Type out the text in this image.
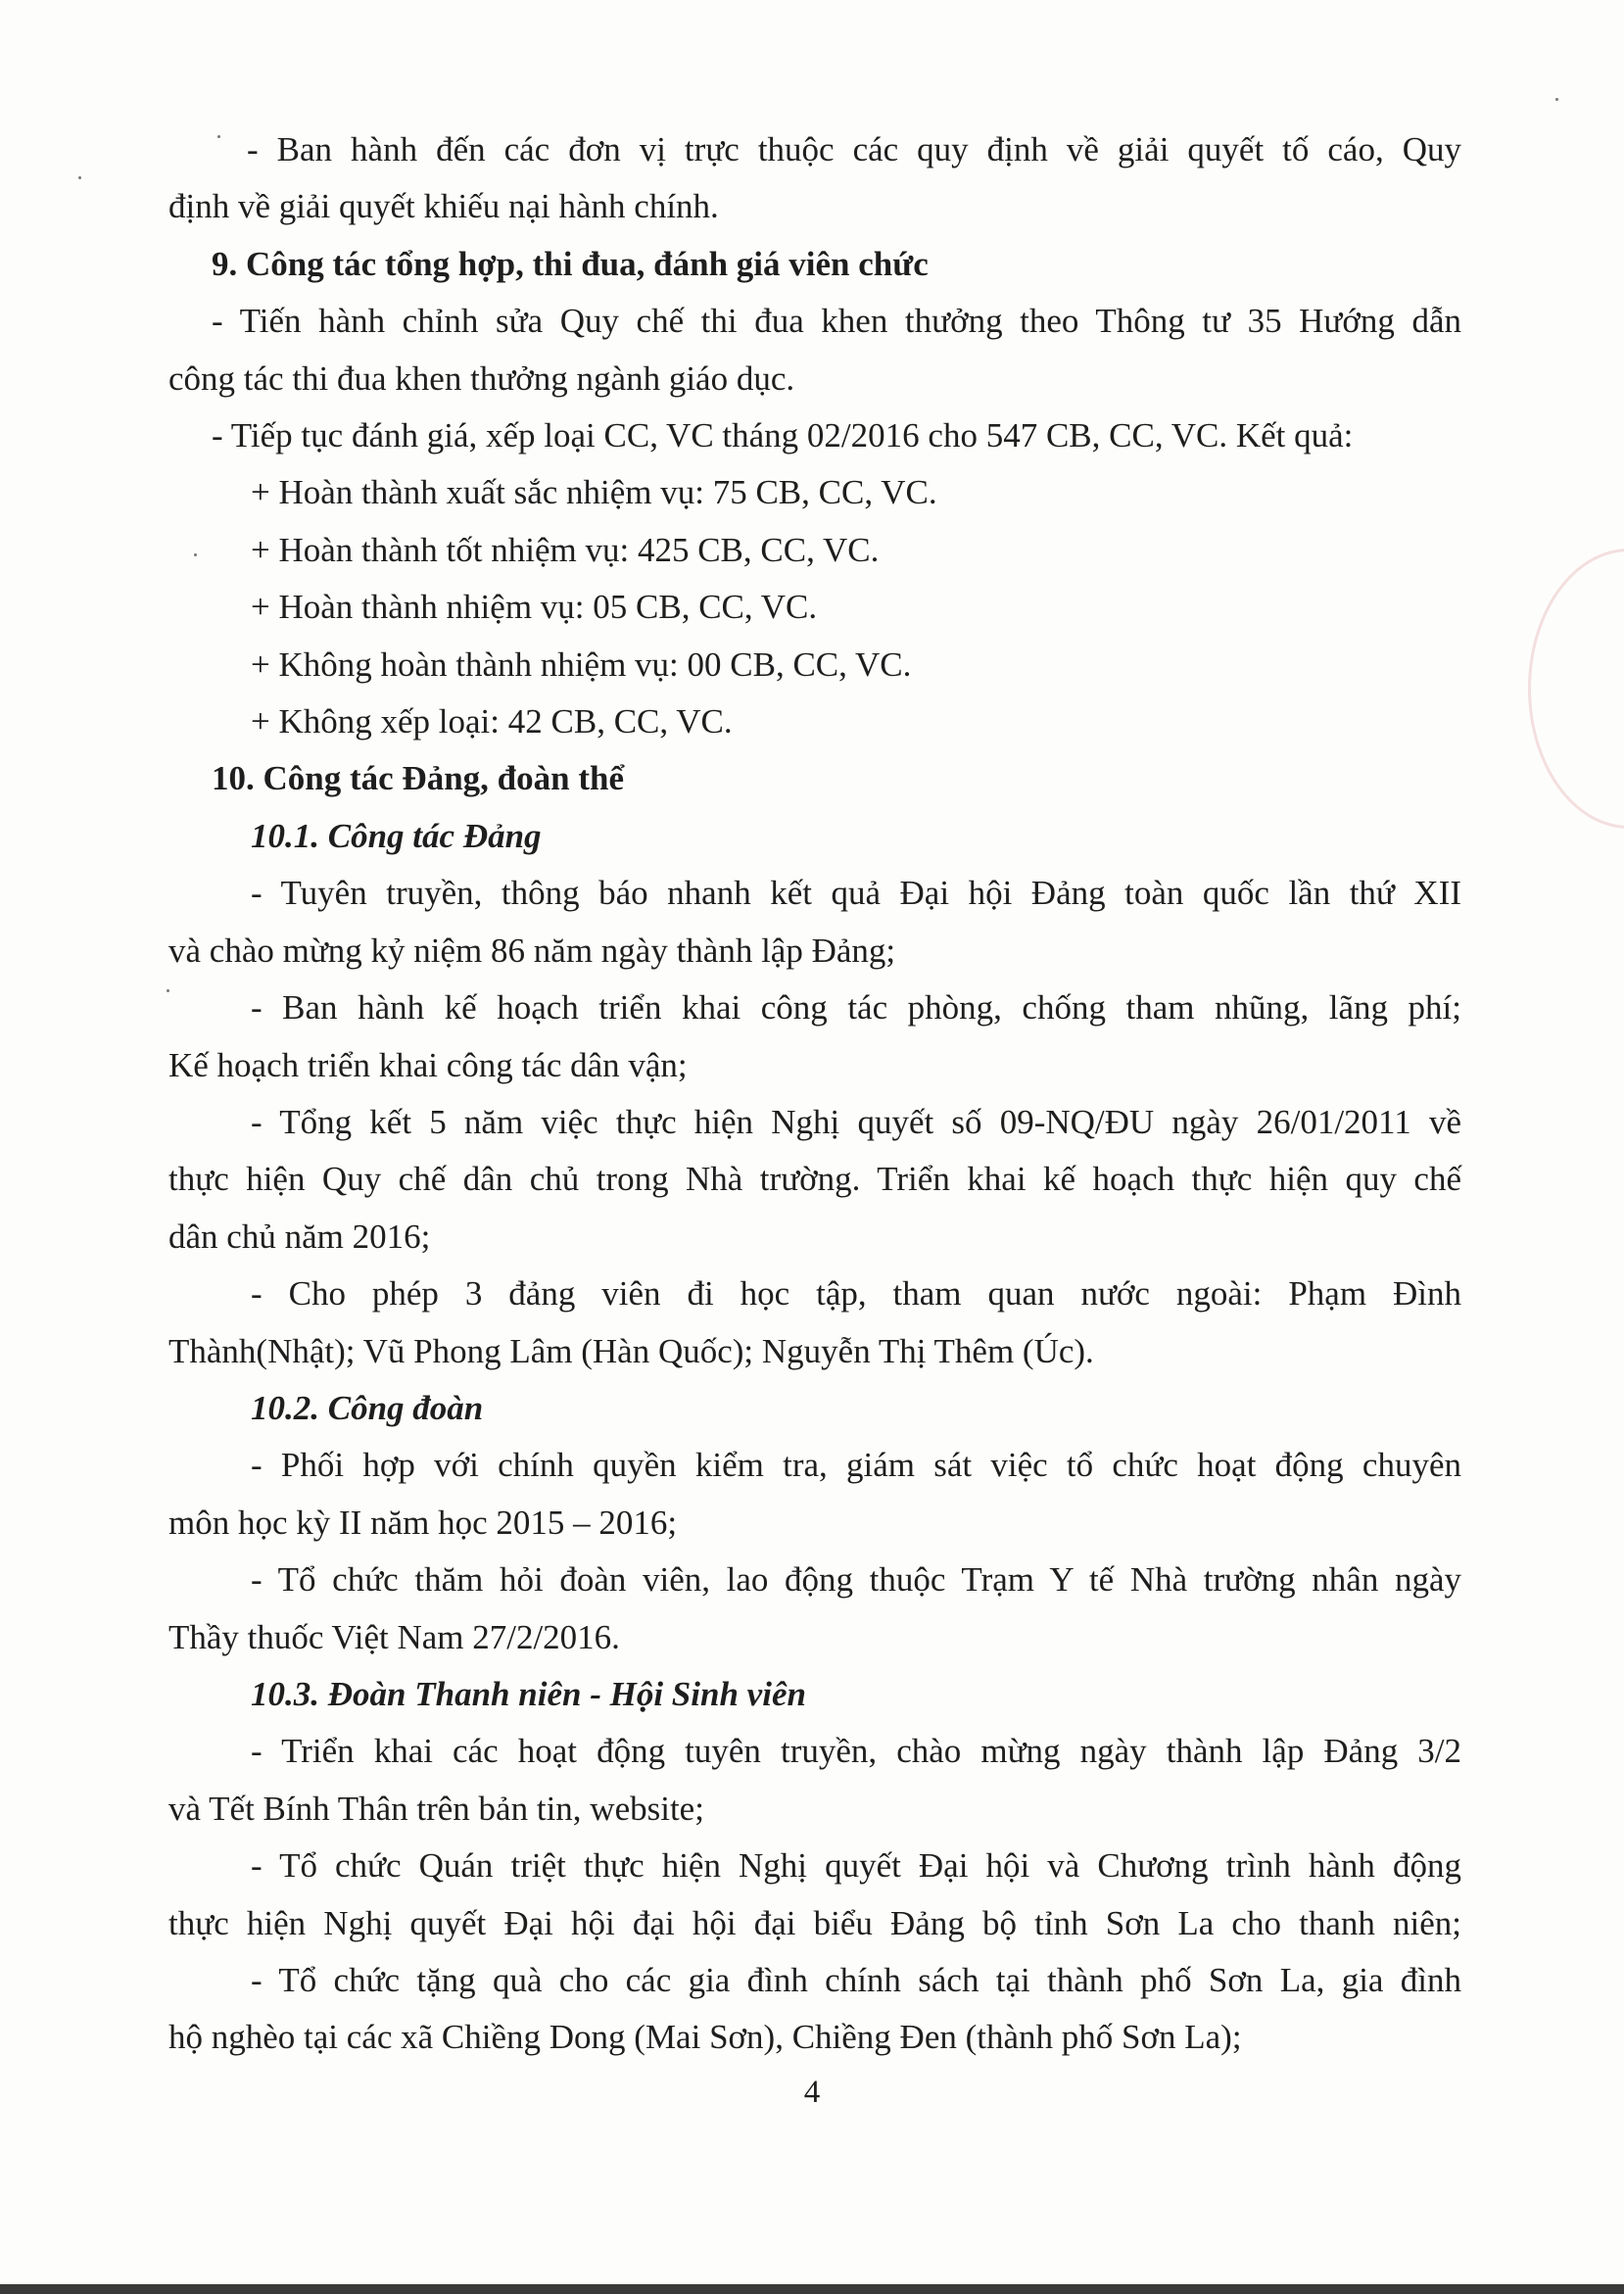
- Ban hành đến các đơn vị trực thuộc các quy định về giải quyết tố cáo, Quy
định về giải quyết khiếu nại hành chính.
9. Công tác tổng hợp, thi đua, đánh giá viên chức
- Tiến hành chỉnh sửa Quy chế thi đua khen thưởng theo Thông tư 35 Hướng dẫn
công tác thi đua khen thưởng ngành giáo dục.
- Tiếp tục đánh giá, xếp loại CC, VC tháng 02/2016 cho 547 CB, CC, VC. Kết quả:
+ Hoàn thành xuất sắc nhiệm vụ: 75 CB, CC, VC.
+ Hoàn thành tốt nhiệm vụ: 425 CB, CC, VC.
+ Hoàn thành nhiệm vụ: 05 CB, CC, VC.
+ Không hoàn thành nhiệm vụ: 00 CB, CC, VC.
+ Không xếp loại: 42 CB, CC, VC.
10. Công tác Đảng, đoàn thể
10.1. Công tác Đảng
- Tuyên truyền, thông báo nhanh kết quả Đại hội Đảng toàn quốc lần thứ XII
và chào mừng kỷ niệm 86 năm ngày thành lập Đảng;
- Ban hành kế hoạch triển khai công tác phòng, chống tham nhũng, lãng phí;
Kế hoạch triển khai công tác dân vận;
- Tổng kết 5 năm việc thực hiện Nghị quyết số 09-NQ/ĐU ngày 26/01/2011 về
thực hiện Quy chế dân chủ trong Nhà trường. Triển khai kế hoạch thực hiện quy chế
dân chủ năm 2016;
- Cho phép 3 đảng viên đi học tập, tham quan nước ngoài: Phạm Đình
Thành(Nhật); Vũ Phong Lâm (Hàn Quốc); Nguyễn Thị Thêm (Úc).
10.2. Công đoàn
- Phối hợp với chính quyền kiểm tra, giám sát việc tổ chức hoạt động chuyên
môn học kỳ II năm học 2015 – 2016;
- Tổ chức thăm hỏi đoàn viên, lao động thuộc Trạm Y tế Nhà trường nhân ngày
Thầy thuốc Việt Nam 27/2/2016.
10.3. Đoàn Thanh niên - Hội Sinh viên
- Triển khai các hoạt động tuyên truyền, chào mừng ngày thành lập Đảng 3/2
và Tết Bính Thân trên bản tin, website;
- Tổ chức Quán triệt thực hiện Nghị quyết Đại hội và Chương trình hành động
thực hiện Nghị quyết Đại hội đại hội đại biểu Đảng bộ tỉnh Sơn La cho thanh niên;
- Tổ chức tặng quà cho các gia đình chính sách tại thành phố Sơn La, gia đình
hộ nghèo tại các xã Chiềng Dong (Mai Sơn), Chiềng Đen (thành phố Sơn La);
4
